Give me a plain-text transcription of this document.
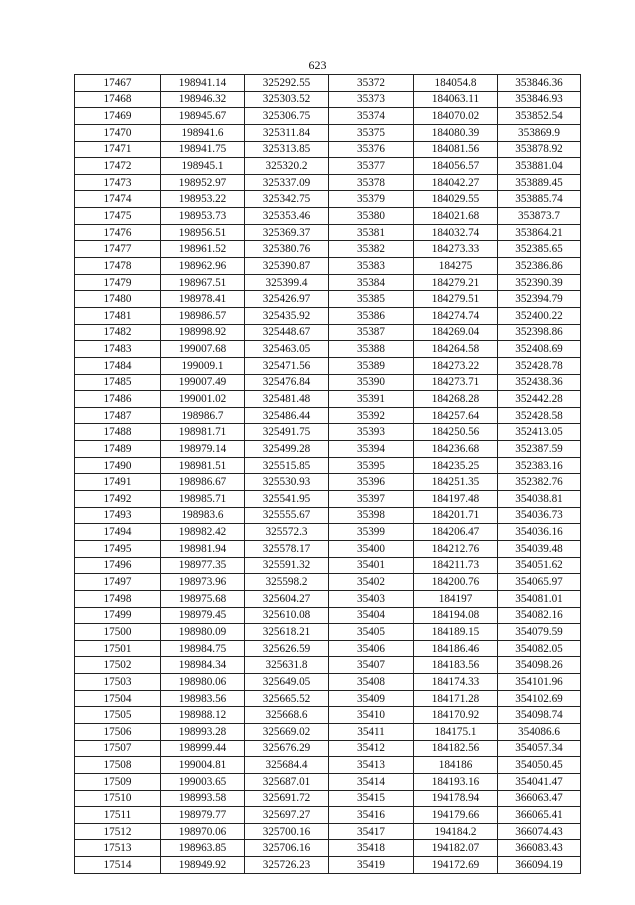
623
17467	198941.14	325292.55	35372	184054.8	353846.36
17468	198946.32	325303.52	35373	184063.11	353846.93
17469	198945.67	325306.75	35374	184070.02	353852.54
17470	198941.6	325311.84	35375	184080.39	353869.9
17471	198941.75	325313.85	35376	184081.56	353878.92
17472	198945.1	325320.2	35377	184056.57	353881.04
17473	198952.97	325337.09	35378	184042.27	353889.45
17474	198953.22	325342.75	35379	184029.55	353885.74
17475	198953.73	325353.46	35380	184021.68	353873.7
17476	198956.51	325369.37	35381	184032.74	353864.21
17477	198961.52	325380.76	35382	184273.33	352385.65
17478	198962.96	325390.87	35383	184275	352386.86
17479	198967.51	325399.4	35384	184279.21	352390.39
17480	198978.41	325426.97	35385	184279.51	352394.79
17481	198986.57	325435.92	35386	184274.74	352400.22
17482	198998.92	325448.67	35387	184269.04	352398.86
17483	199007.68	325463.05	35388	184264.58	352408.69
17484	199009.1	325471.56	35389	184273.22	352428.78
17485	199007.49	325476.84	35390	184273.71	352438.36
17486	199001.02	325481.48	35391	184268.28	352442.28
17487	198986.7	325486.44	35392	184257.64	352428.58
17488	198981.71	325491.75	35393	184250.56	352413.05
17489	198979.14	325499.28	35394	184236.68	352387.59
17490	198981.51	325515.85	35395	184235.25	352383.16
17491	198986.67	325530.93	35396	184251.35	352382.76
17492	198985.71	325541.95	35397	184197.48	354038.81
17493	198983.6	325555.67	35398	184201.71	354036.73
17494	198982.42	325572.3	35399	184206.47	354036.16
17495	198981.94	325578.17	35400	184212.76	354039.48
17496	198977.35	325591.32	35401	184211.73	354051.62
17497	198973.96	325598.2	35402	184200.76	354065.97
17498	198975.68	325604.27	35403	184197	354081.01
17499	198979.45	325610.08	35404	184194.08	354082.16
17500	198980.09	325618.21	35405	184189.15	354079.59
17501	198984.75	325626.59	35406	184186.46	354082.05
17502	198984.34	325631.8	35407	184183.56	354098.26
17503	198980.06	325649.05	35408	184174.33	354101.96
17504	198983.56	325665.52	35409	184171.28	354102.69
17505	198988.12	325668.6	35410	184170.92	354098.74
17506	198993.28	325669.02	35411	184175.1	354086.6
17507	198999.44	325676.29	35412	184182.56	354057.34
17508	199004.81	325684.4	35413	184186	354050.45
17509	199003.65	325687.01	35414	184193.16	354041.47
17510	198993.58	325691.72	35415	194178.94	366063.47
17511	198979.77	325697.27	35416	194179.66	366065.41
17512	198970.06	325700.16	35417	194184.2	366074.43
17513	198963.85	325706.16	35418	194182.07	366083.43
17514	198949.92	325726.23	35419	194172.69	366094.19
